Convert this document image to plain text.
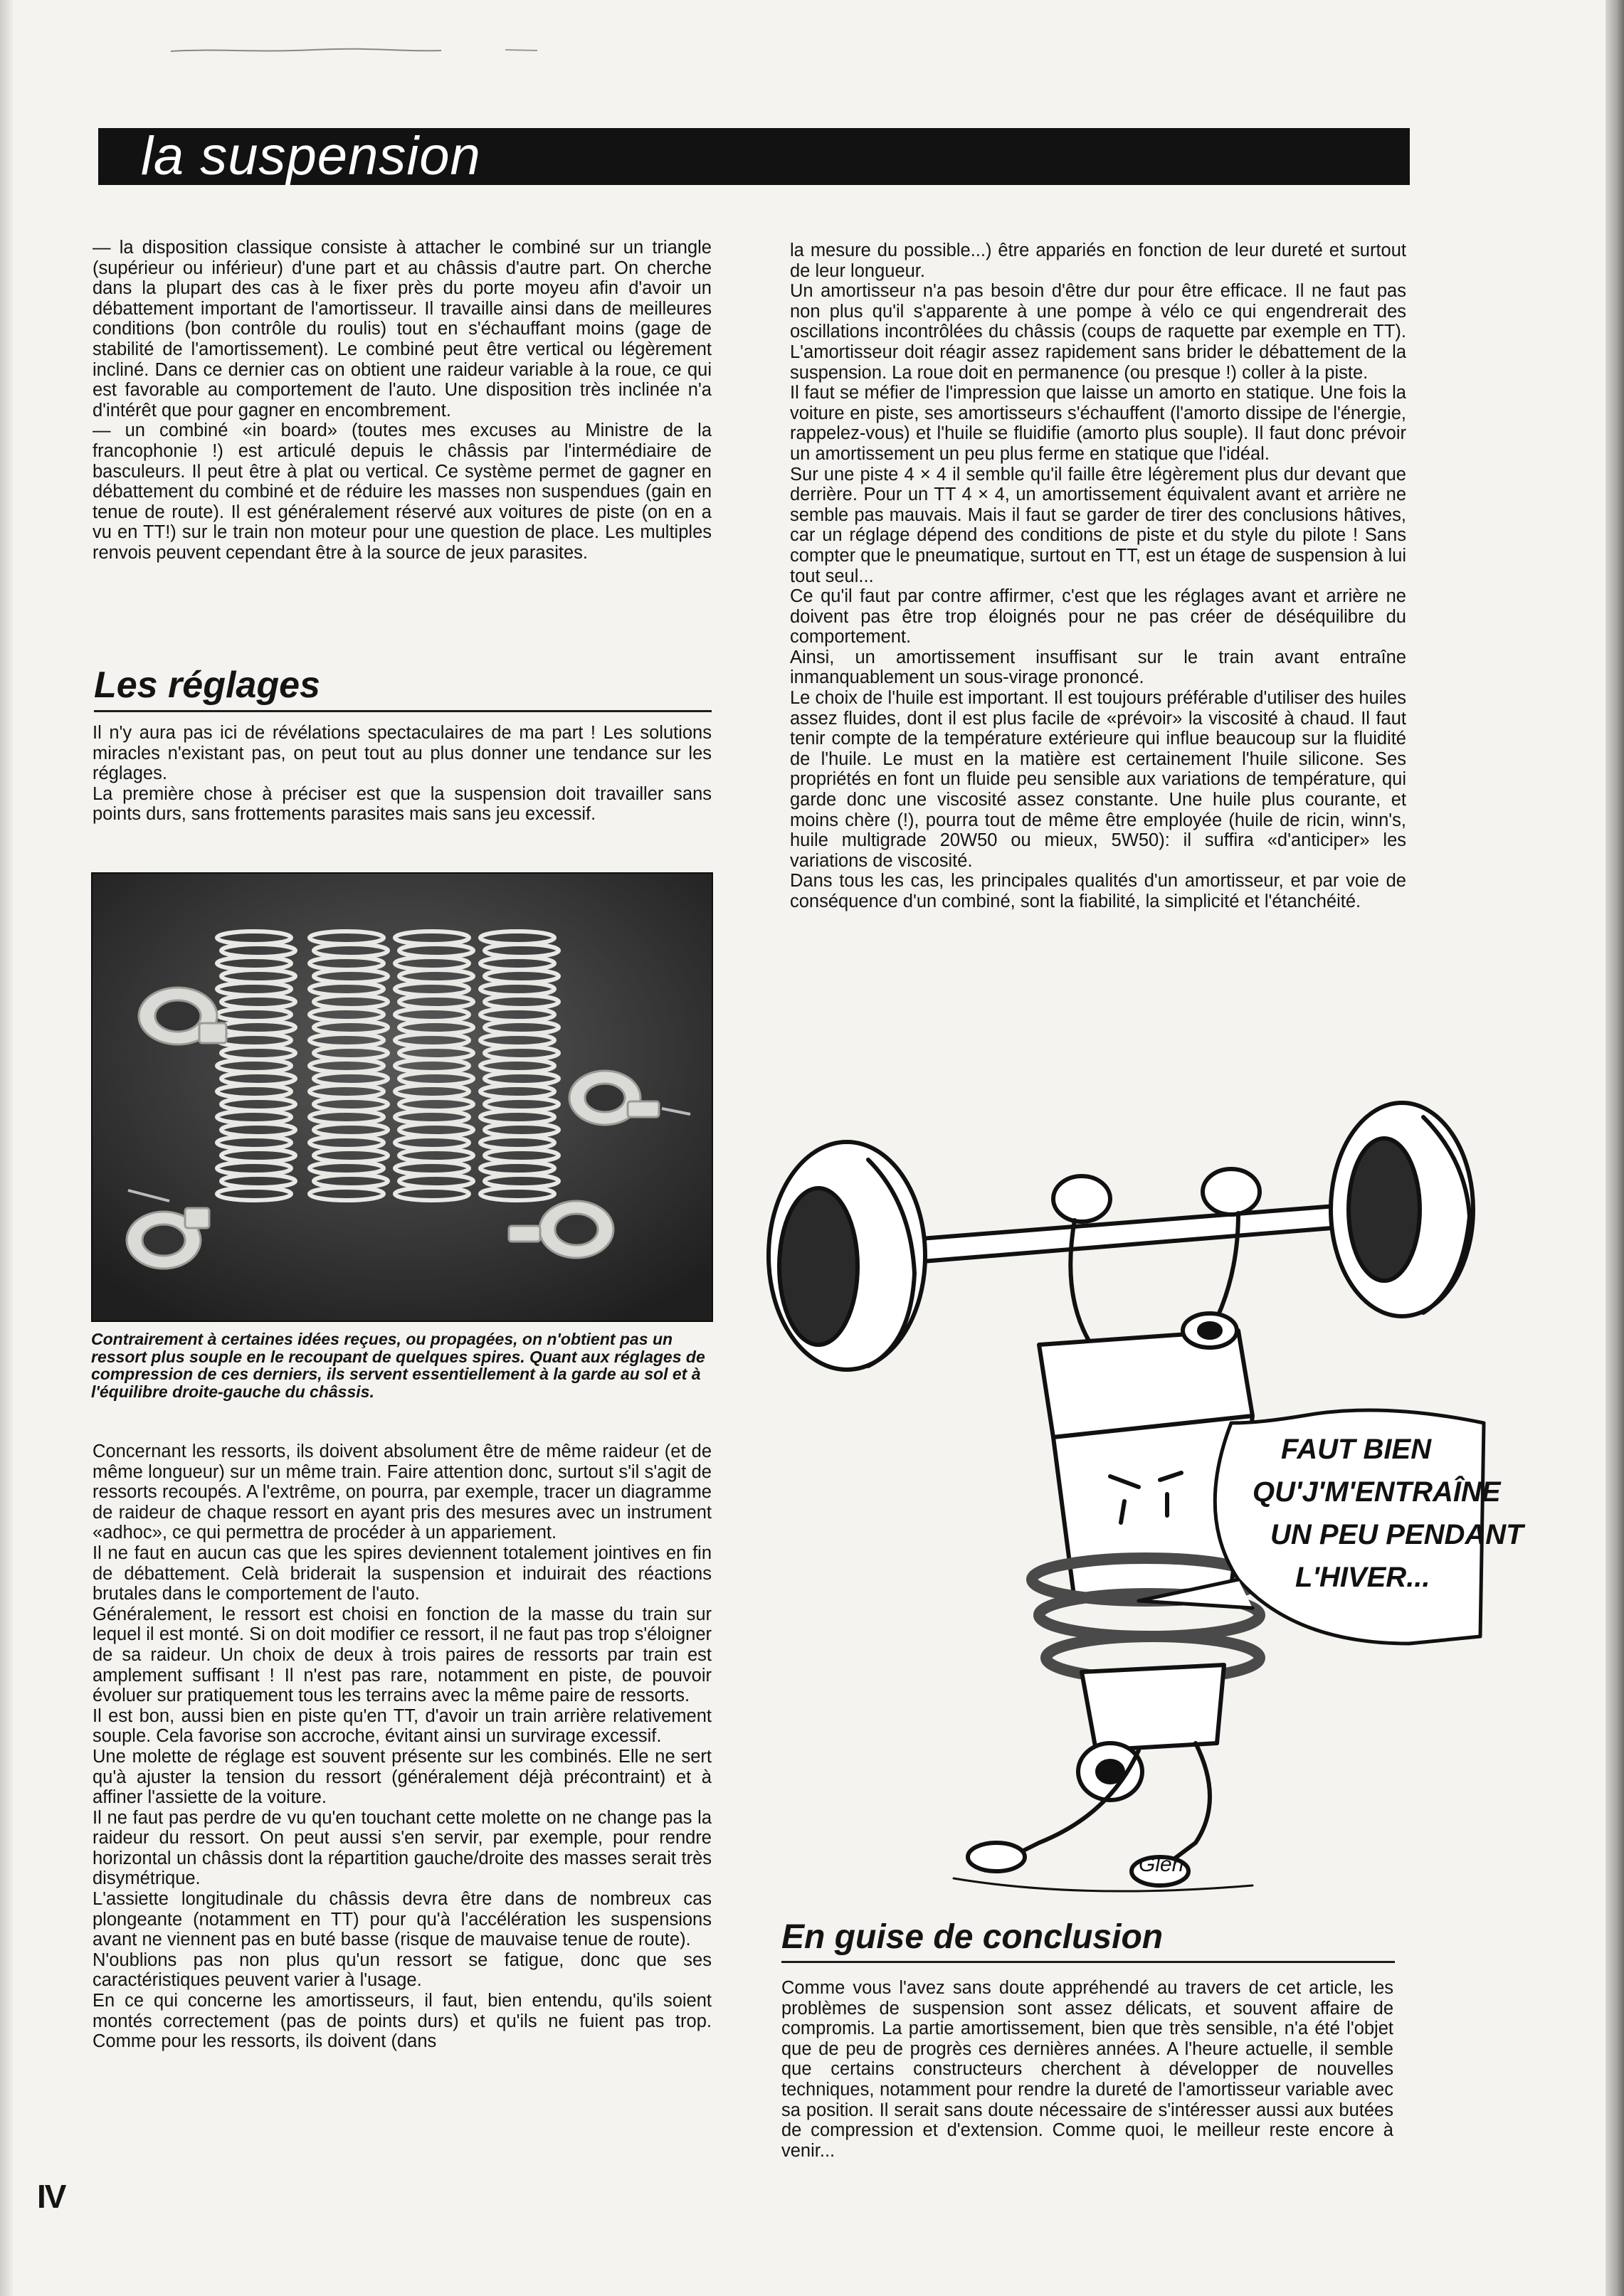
la suspension

— la disposition classique consiste à attacher le combiné sur un triangle (supérieur ou inférieur) d'une part et au châssis d'autre part. On cherche dans la plupart des cas à le fixer près du porte moyeu afin d'avoir un débattement important de l'amortisseur. Il travaille ainsi dans de meilleures conditions (bon contrôle du roulis) tout en s'échauffant moins (gage de stabilité de l'amortissement). Le combiné peut être vertical ou légèrement incliné. Dans ce dernier cas on obtient une raideur variable à la roue, ce qui est favorable au comportement de l'auto. Une disposition très inclinée n'a d'intérêt que pour gagner en encombrement.

— un combiné «in board» (toutes mes excuses au Ministre de la francophonie !) est articulé depuis le châssis par l'intermédiaire de basculeurs. Il peut être à plat ou vertical. Ce système permet de gagner en débattement du combiné et de réduire les masses non suspendues (gain en tenue de route). Il est généralement réservé aux voitures de piste (on en a vu en TT!) sur le train non moteur pour une question de place. Les multiples renvois peuvent cependant être à la source de jeux parasites.

Les réglages

Il n'y aura pas ici de révélations spectaculaires de ma part ! Les solutions miracles n'existant pas, on peut tout au plus donner une tendance sur les réglages.

La première chose à préciser est que la suspension doit travailler sans points durs, sans frottements parasites mais sans jeu excessif.

Contrairement à certaines idées reçues, ou propagées, on n'obtient pas un ressort plus souple en le recoupant de quelques spires. Quant aux réglages de compression de ces derniers, ils servent essentiellement à la garde au sol et à l'équilibre droite-gauche du châssis.

Concernant les ressorts, ils doivent absolument être de même raideur (et de même longueur) sur un même train. Faire attention donc, surtout s'il s'agit de ressorts recoupés. A l'extrême, on pourra, par exemple, tracer un diagramme de raideur de chaque ressort en ayant pris des mesures avec un instrument «adhoc», ce qui permettra de procéder à un appariement.

Il ne faut en aucun cas que les spires deviennent totalement jointives en fin de débattement. Celà briderait la suspension et induirait des réactions brutales dans le comportement de l'auto.

Généralement, le ressort est choisi en fonction de la masse du train sur lequel il est monté. Si on doit modifier ce ressort, il ne faut pas trop s'éloigner de sa raideur. Un choix de deux à trois paires de ressorts par train est amplement suffisant ! Il n'est pas rare, notamment en piste, de pouvoir évoluer sur pratiquement tous les terrains avec la même paire de ressorts.

Il est bon, aussi bien en piste qu'en TT, d'avoir un train arrière relativement souple. Cela favorise son accroche, évitant ainsi un survirage excessif.

Une molette de réglage est souvent présente sur les combinés. Elle ne sert qu'à ajuster la tension du ressort (généralement déjà précontraint) et à affiner l'assiette de la voiture.

Il ne faut pas perdre de vu qu'en touchant cette molette on ne change pas la raideur du ressort. On peut aussi s'en servir, par exemple, pour rendre horizontal un châssis dont la répartition gauche/droite des masses serait très disymétrique.

L'assiette longitudinale du châssis devra être dans de nombreux cas plongeante (notamment en TT) pour qu'à l'accélération les suspensions avant ne viennent pas en buté basse (risque de mauvaise tenue de route).

N'oublions pas non plus qu'un ressort se fatigue, donc que ses caractéristiques peuvent varier à l'usage.

En ce qui concerne les amortisseurs, il faut, bien entendu, qu'ils soient montés correctement (pas de points durs) et qu'ils ne fuient pas trop. Comme pour les ressorts, ils doivent (dans

la mesure du possible...) être appariés en fonction de leur dureté et surtout de leur longueur.

Un amortisseur n'a pas besoin d'être dur pour être efficace. Il ne faut pas non plus qu'il s'apparente à une pompe à vélo ce qui engendrerait des oscillations incontrôlées du châssis (coups de raquette par exemple en TT). L'amortisseur doit réagir assez rapidement sans brider le débattement de la suspension. La roue doit en permanence (ou presque !) coller à la piste.

Il faut se méfier de l'impression que laisse un amorto en statique. Une fois la voiture en piste, ses amortisseurs s'échauffent (l'amorto dissipe de l'énergie, rappelez-vous) et l'huile se fluidifie (amorto plus souple). Il faut donc prévoir un amortissement un peu plus ferme en statique que l'idéal.

Sur une piste 4 × 4 il semble qu'il faille être légèrement plus dur devant que derrière. Pour un TT 4 × 4, un amortissement équivalent avant et arrière ne semble pas mauvais. Mais il faut se garder de tirer des conclusions hâtives, car un réglage dépend des conditions de piste et du style du pilote ! Sans compter que le pneumatique, surtout en TT, est un étage de suspension à lui tout seul...

Ce qu'il faut par contre affirmer, c'est que les réglages avant et arrière ne doivent pas être trop éloignés pour ne pas créer de déséquilibre du comportement.

Ainsi, un amortissement insuffisant sur le train avant entraîne inmanquablement un sous-virage prononcé.

Le choix de l'huile est important. Il est toujours préférable d'utiliser des huiles assez fluides, dont il est plus facile de «prévoir» la viscosité à chaud. Il faut tenir compte de la température extérieure qui influe beaucoup sur la fluidité de l'huile. Le must en la matière est certainement l'huile silicone. Ses propriétés en font un fluide peu sensible aux variations de température, qui garde donc une viscosité assez constante. Une huile plus courante, et moins chère (!), pourra tout de même être employée (huile de ricin, winn's, huile multigrade 20W50 ou mieux, 5W50): il suffira «d'anticiper» les variations de viscosité.

Dans tous les cas, les principales qualités d'un amortisseur, et par voie de conséquence d'un combiné, sont la fiabilité, la simplicité et l'étanchéité.

FAUT BIEN
QU'J'M'ENTRAÎNE
UN PEU PENDANT
L'HIVER...
Glen
En guise de conclusion

Comme vous l'avez sans doute appréhendé au travers de cet article, les problèmes de suspension sont assez délicats, et souvent affaire de compromis. La partie amortissement, bien que très sensible, n'a été l'objet que de peu de progrès ces dernières années. A l'heure actuelle, il semble que certains constructeurs cherchent à développer de nouvelles techniques, notamment pour rendre la dureté de l'amortisseur variable avec sa position. Il serait sans doute nécessaire de s'intéresser aussi aux butées de compression et d'extension. Comme quoi, le meilleur reste encore à venir...

IV
